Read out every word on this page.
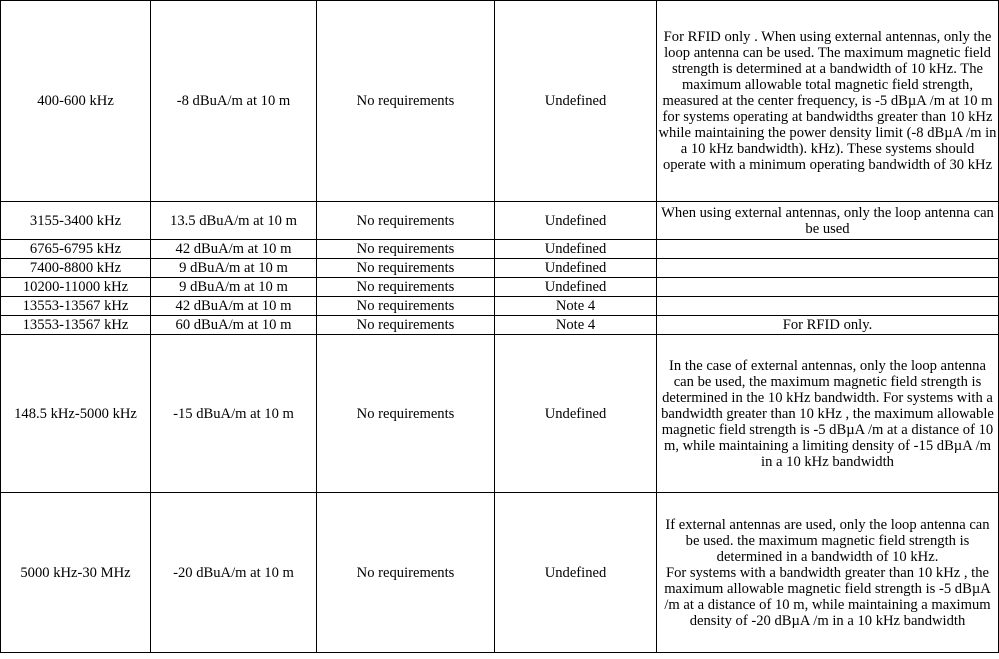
400-600 kHz	-8 dBuA/m at 10 m	No requirements	Undefined	For RFID only . When using external antennas, only the loop antenna can be used. The maximum magnetic field strength is determined at a bandwidth of 10 kHz. The maximum allowable total magnetic field strength, measured at the center frequency, is -5 dBµA /m at 10 m for systems operating at bandwidths greater than 10 kHz while maintaining the power density limit (-8 dBµA /m in a 10 kHz bandwidth). kHz). These systems should operate with a minimum operating bandwidth of 30 kHz
3155-3400 kHz	13.5 dBuA/m at 10 m	No requirements	Undefined	When using external antennas, only the loop antenna can be used
6765-6795 kHz	42 dBuA/m at 10 m	No requirements	Undefined	
7400-8800 kHz	9 dBuA/m at 10 m	No requirements	Undefined	
10200-11000 kHz	9 dBuA/m at 10 m	No requirements	Undefined	
13553-13567 kHz	42 dBuA/m at 10 m	No requirements	Note 4	
13553-13567 kHz	60 dBuA/m at 10 m	No requirements	Note 4	For RFID only.
148.5 kHz-5000 kHz	-15 dBuA/m at 10 m	No requirements	Undefined	In the case of external antennas, only the loop antenna can be used, the maximum magnetic field strength is determined in the 10 kHz bandwidth. For systems with a bandwidth greater than 10 kHz , the maximum allowable magnetic field strength is -5 dBµA /m at a distance of 10 m, while maintaining a limiting density of -15 dBµA /m in a 10 kHz bandwidth
5000 kHz-30 MHz	-20 dBuA/m at 10 m	No requirements	Undefined	If external antennas are used, only the loop antenna can be used. the maximum magnetic field strength is determined in a bandwidth of 10 kHz.
For systems with a bandwidth greater than 10 kHz , the maximum allowable magnetic field strength is -5 dBµA /m at a distance of 10 m, while maintaining a maximum density of -20 dBµA /m in a 10 kHz bandwidth
